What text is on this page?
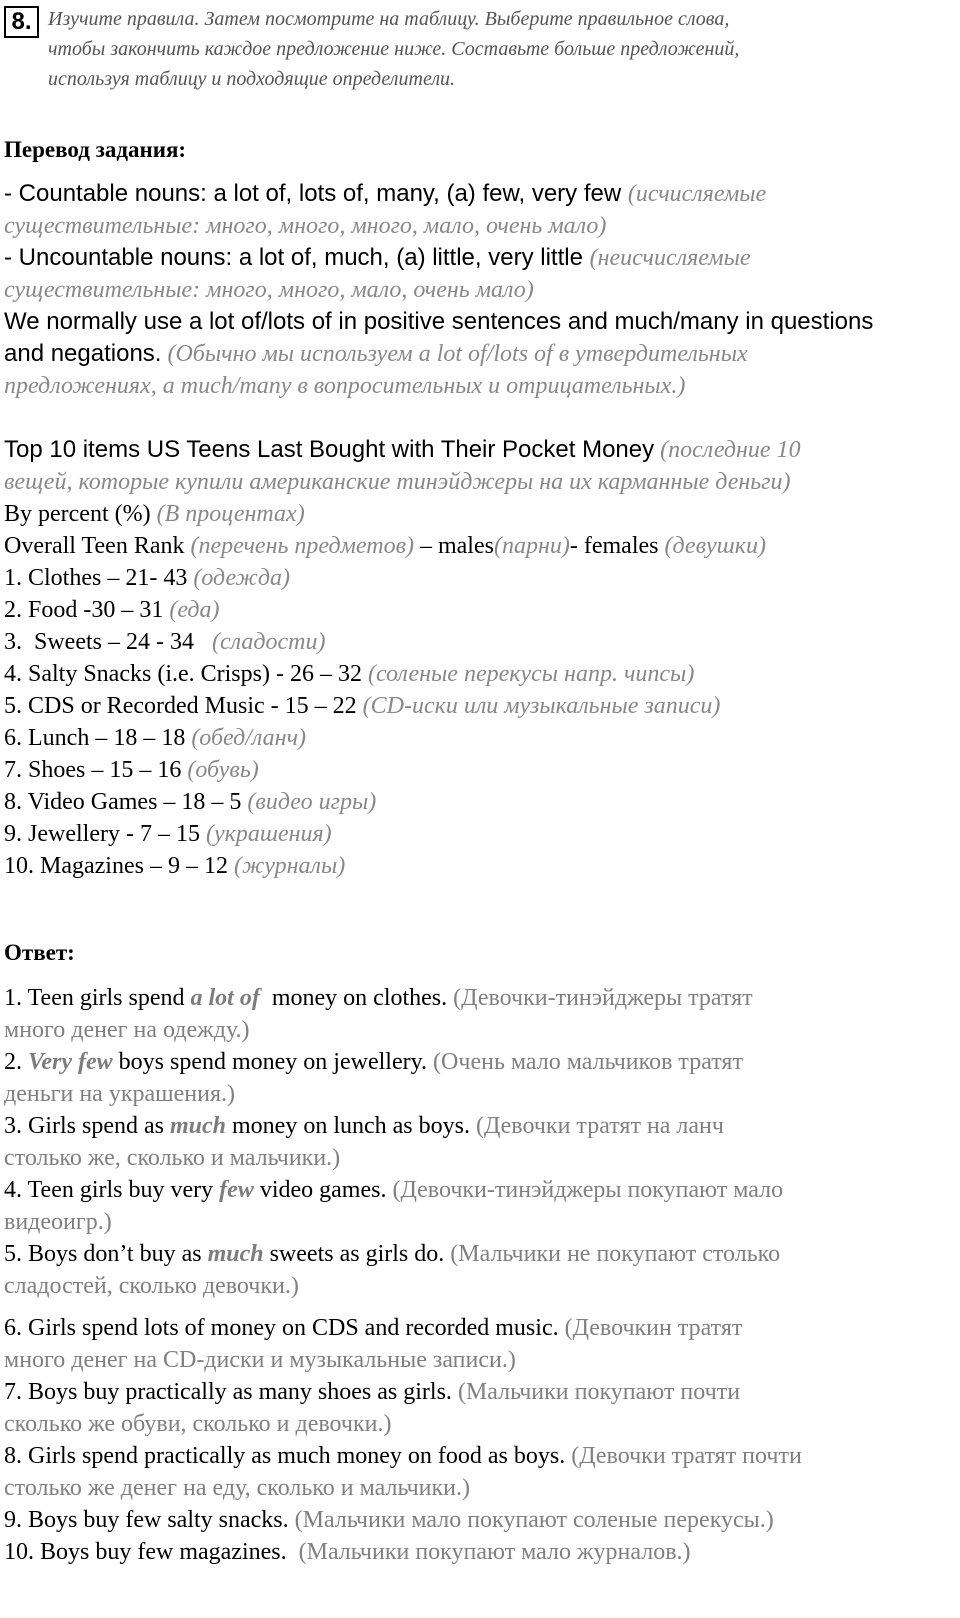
8. Изучите правила. Затем посмотрите на таблицу. Выберите правильное слова,
чтобы закончить каждое предложение ниже. Составьте больше предложений,
используя таблицу и подходящие определители.
Перевод задания:
- Countable nouns: a lot of, lots of, many, (a) few, very few (исчисляемые
существительные: много, много, много, мало, очень мало)
- Uncountable nouns: a lot of, much, (a) little, very little (неисчисляемые
существительные: много, много, мало, очень мало)
We normally use a lot of/lots of in positive sentences and much/many in questions
and negations. (Обычно мы используем a lot of/lots of в утвердительных
предложениях, а much/many в вопросительных и отрицательных.)
Top 10 items US Teens Last Bought with Their Pocket Money (последние 10
вещей, которые купили американские тинэйджеры на их карманные деньги)
By percent (%) (В процентах)
Overall Teen Rank (перечень предметов) – males(парни)- females (девушки)
1. Clothes – 21- 43 (одежда)
2. Food -30 – 31 (еда)
3.  Sweets – 24 - 34   (сладости)
4. Salty Snacks (i.e. Crisps) - 26 – 32 (соленые перекусы напр. чипсы)
5. CDS or Recorded Music - 15 – 22 (CD-иски или музыкальные записи)
6. Lunch – 18 – 18 (обед/ланч)
7. Shoes – 15 – 16 (обувь)
8. Video Games – 18 – 5 (видео игры)
9. Jewellery - 7 – 15 (украшения)
10. Magazines – 9 – 12 (журналы)
Ответ:
1. Teen girls spend a lot of  money on clothes. (Девочки-тинэйджеры тратят
много денег на одежду.)
2. Very few boys spend money on jewellery. (Очень мало мальчиков тратят
деньги на украшения.)
3. Girls spend as much money on lunch as boys. (Девочки тратят на ланч
столько же, сколько и мальчики.)
4. Teen girls buy very few video games. (Девочки-тинэйджеры покупают мало
видеоигр.)
5. Boys don’t buy as much sweets as girls do. (Мальчики не покупают столько
сладостей, сколько девочки.)
6. Girls spend lots of money on CDS and recorded music. (Девочкин тратят
много денег на CD-диски и музыкальные записи.)
7. Boys buy practically as many shoes as girls. (Мальчики покупают почти
сколько же обуви, сколько и девочки.)
8. Girls spend practically as much money on food as boys. (Девочки тратят почти
столько же денег на еду, сколько и мальчики.)
9. Boys buy few salty snacks. (Мальчики мало покупают соленые перекусы.)
10. Boys buy few magazines.  (Мальчики покупают мало журналов.)
